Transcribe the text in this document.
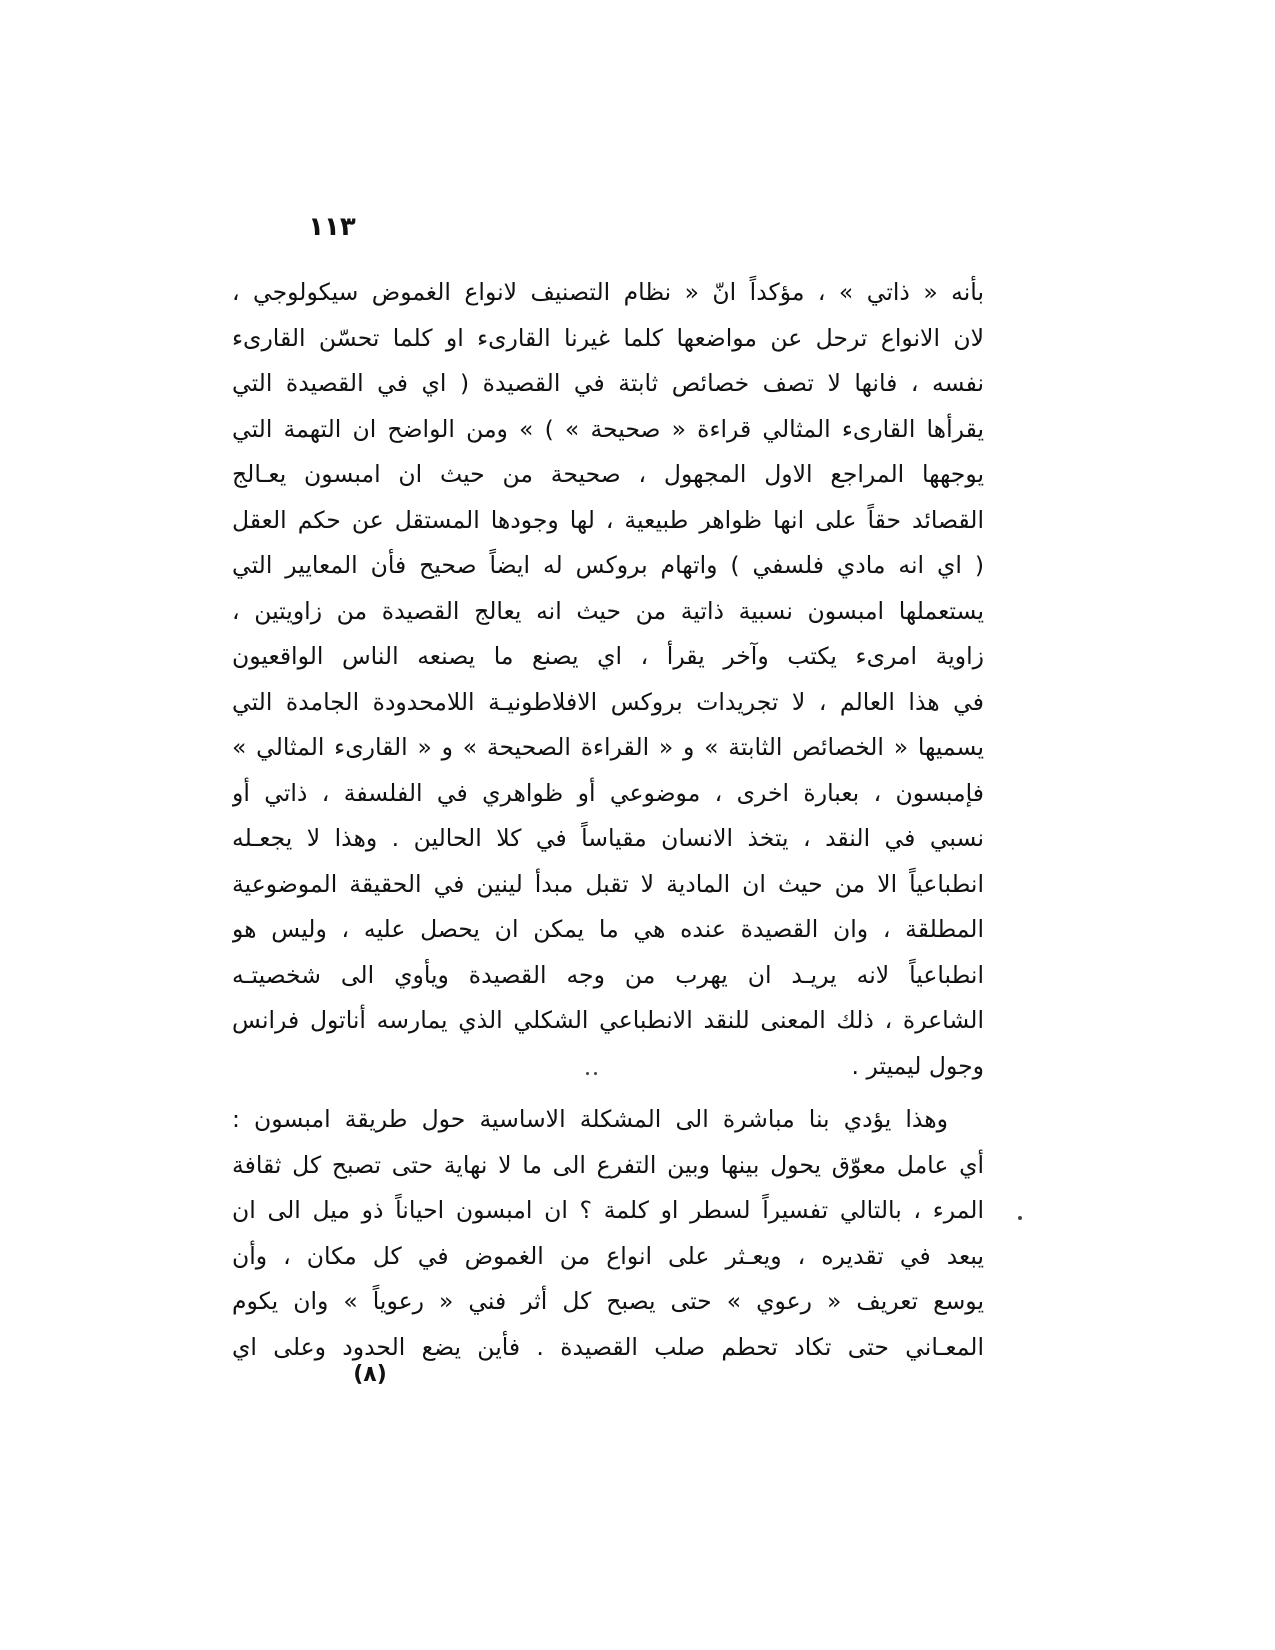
١١٣
بأنه « ذاتي » ، مؤكداً انّ « نظام التصنيف لانواع الغموض سيكولوجي ،
لان الانواع ترحل عن مواضعها كلما غيرنا القارىء او كلما تحسّن القارىء
نفسه ، فانها لا تصف خصائص ثابتة في القصيدة ( اي في القصيدة التي
يقرأها القارىء المثالي قراءة « صحيحة » ) » ومن الواضح ان التهمة التي
يوجهها المراجع الاول المجهول ، صحيحة من حيث ان امبسون يعـالج
القصائد حقاً على انها ظواهر طبيعية ، لها وجودها المستقل عن حكم العقل
( اي انه مادي فلسفي ) واتهام بروكس له ايضاً صحيح فأن المعايير التي
يستعملها امبسون نسبية ذاتية من حيث انه يعالج القصيدة من زاويتين ،
زاوية امرىء يكتب وآخر يقرأ ، اي يصنع ما يصنعه الناس الواقعيون
في هذا العالم ، لا تجريدات بروكس الافلاطونيـة اللامحدودة الجامدة التي
يسميها « الخصائص الثابتة » و « القراءة الصحيحة » و « القارىء المثالي »
فإمبسون ، بعبارة اخرى ، موضوعي أو ظواهري في الفلسفة ، ذاتي أو
نسبي في النقد ، يتخذ الانسان مقياساً في كلا الحالين . وهذا لا يجعـله
انطباعياً الا من حيث ان المادية لا تقبل مبدأ لينين في الحقيقة الموضوعية
المطلقة ، وان القصيدة عنده هي ما يمكن ان يحصل عليه ، وليس هو
انطباعياً لانه يريـد ان يهرب من وجه القصيدة ويأوي الى شخصيتـه
الشاعرة ، ذلك المعنى للنقد الانطباعي الشكلي الذي يمارسه أناتول فرانس
وجول ليميتر .
وهذا يؤدي بنا مباشرة الى المشكلة الاساسية حول طريقة امبسون :
أي عامل معوّق يحول بينها وبين التفرع الى ما لا نهاية حتى تصبح كل ثقافة
المرء ، بالتالي تفسيراً لسطر او كلمة ؟ ان امبسون احياناً ذو ميل الى ان
يبعد في تقديره ، ويعـثر على انواع من الغموض في كل مكان ، وأن
يوسع تعريف « رعوي » حتى يصبح كل أثر فني « رعوياً » وان يكوم
المعـاني حتى تكاد تحطم صلب القصيدة . فأين يضع الحدود وعلى اي
(٨)
